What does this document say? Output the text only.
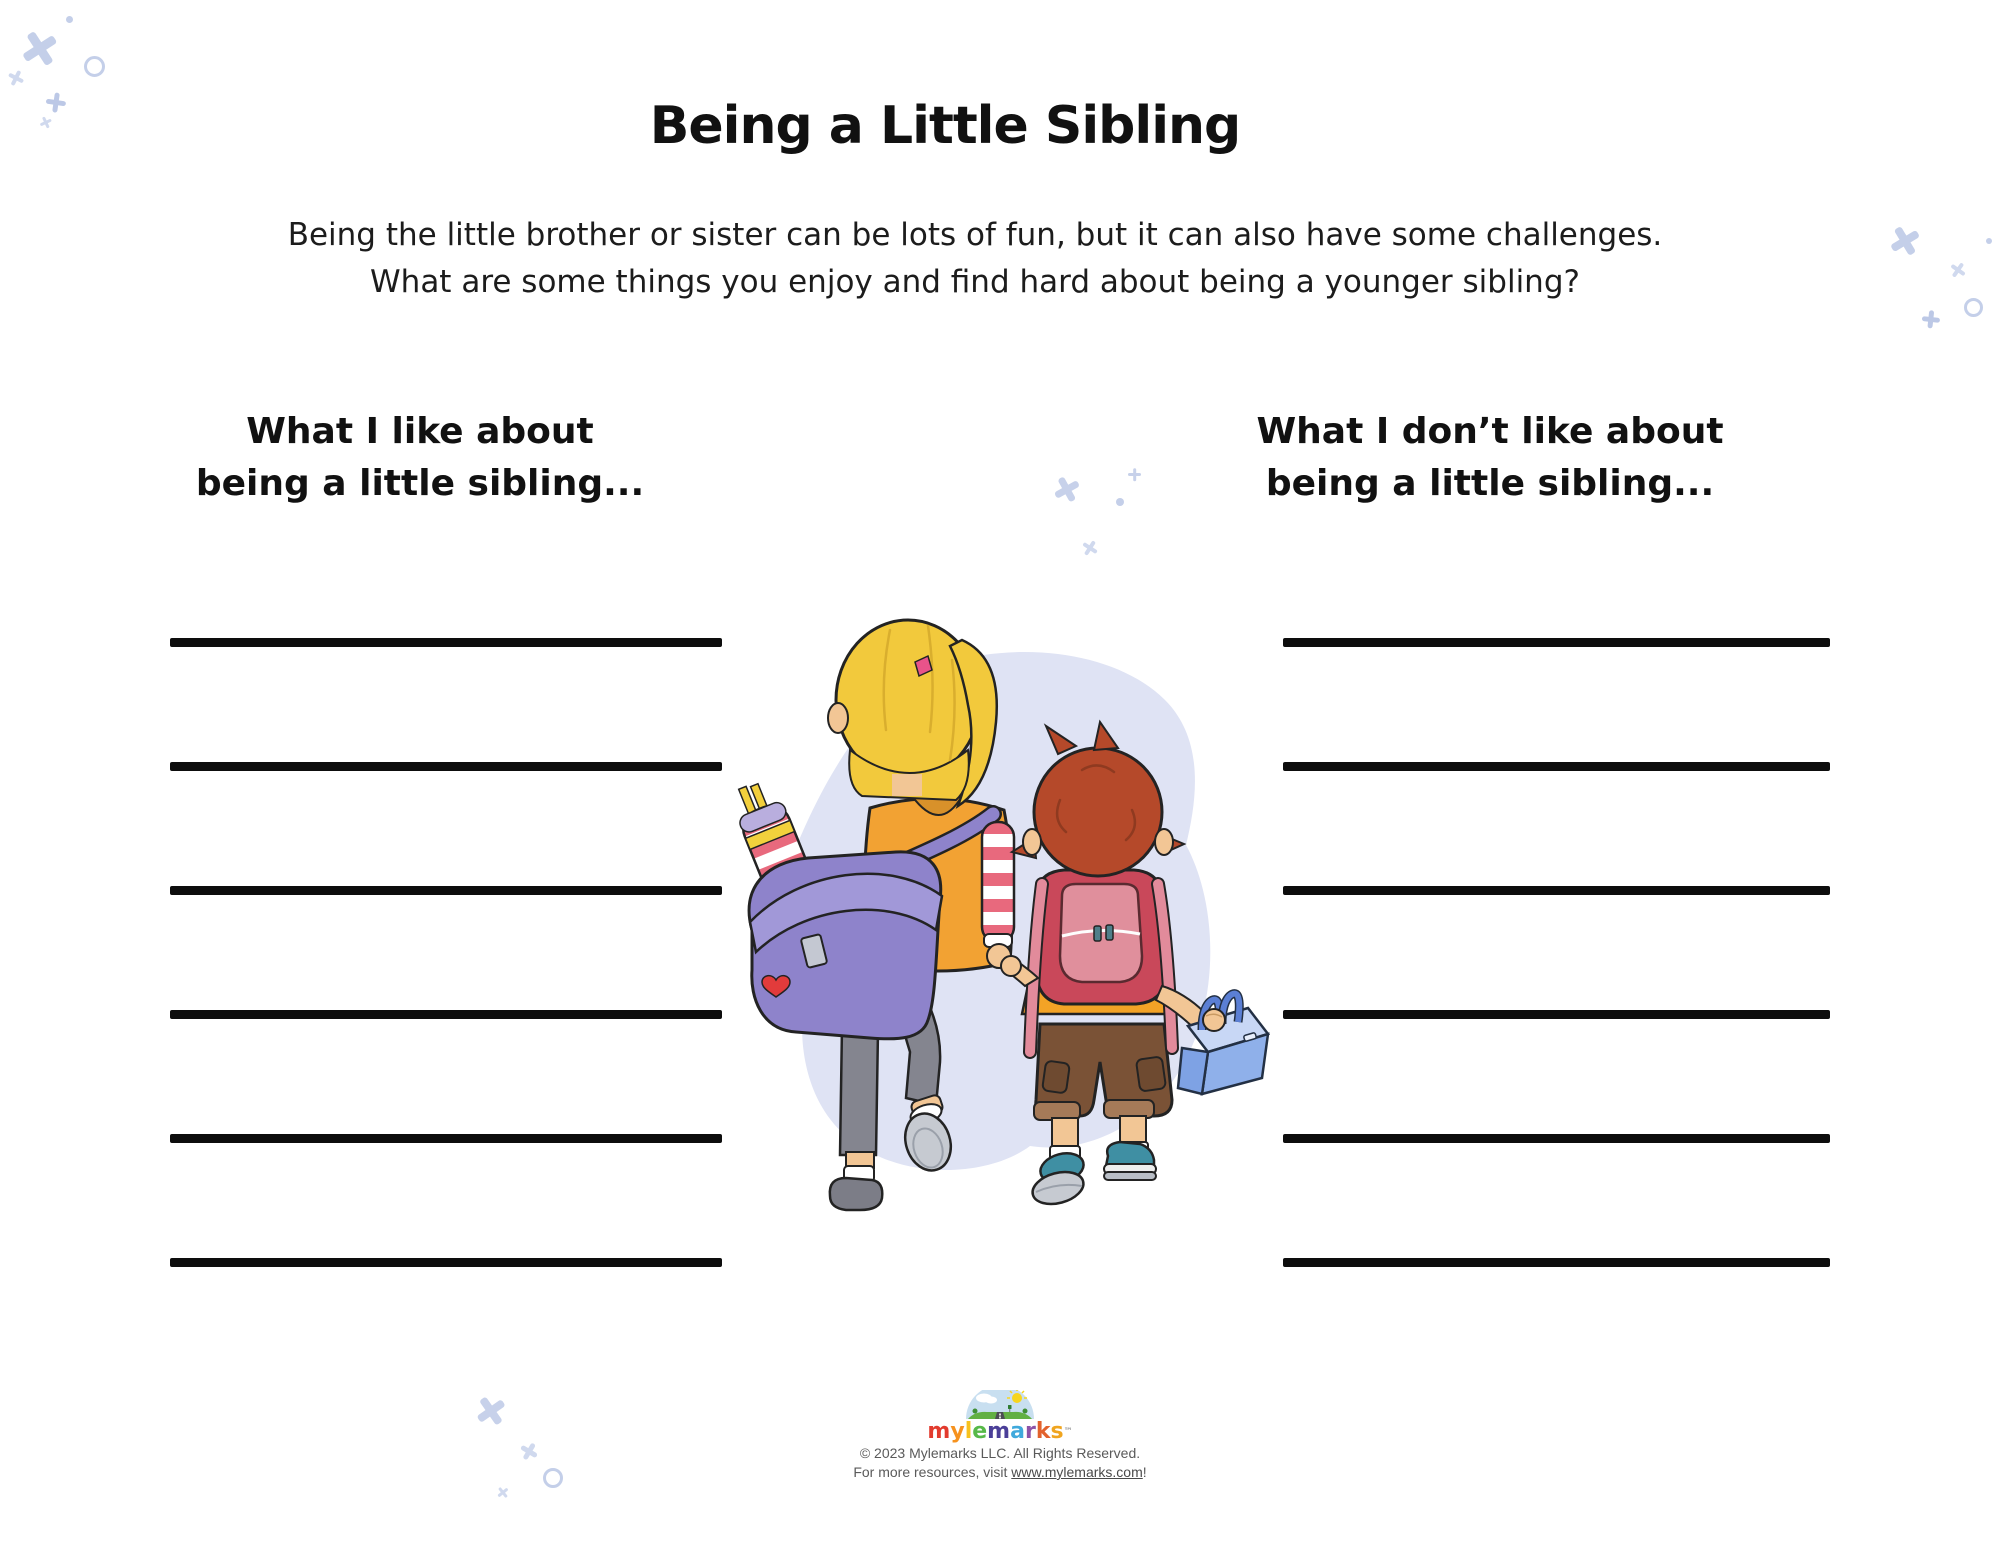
Being a Little Sibling
Being the little brother or sister can be lots of fun, but it can also have some challenges.
What are some things you enjoy and find hard about being a younger sibling?
What I like about
being a little sibling...
What I don’t like about
being a little sibling...
mylemarks™
© 2023 Mylemarks LLC. All Rights Reserved.
For more resources, visit www.mylemarks.com!
